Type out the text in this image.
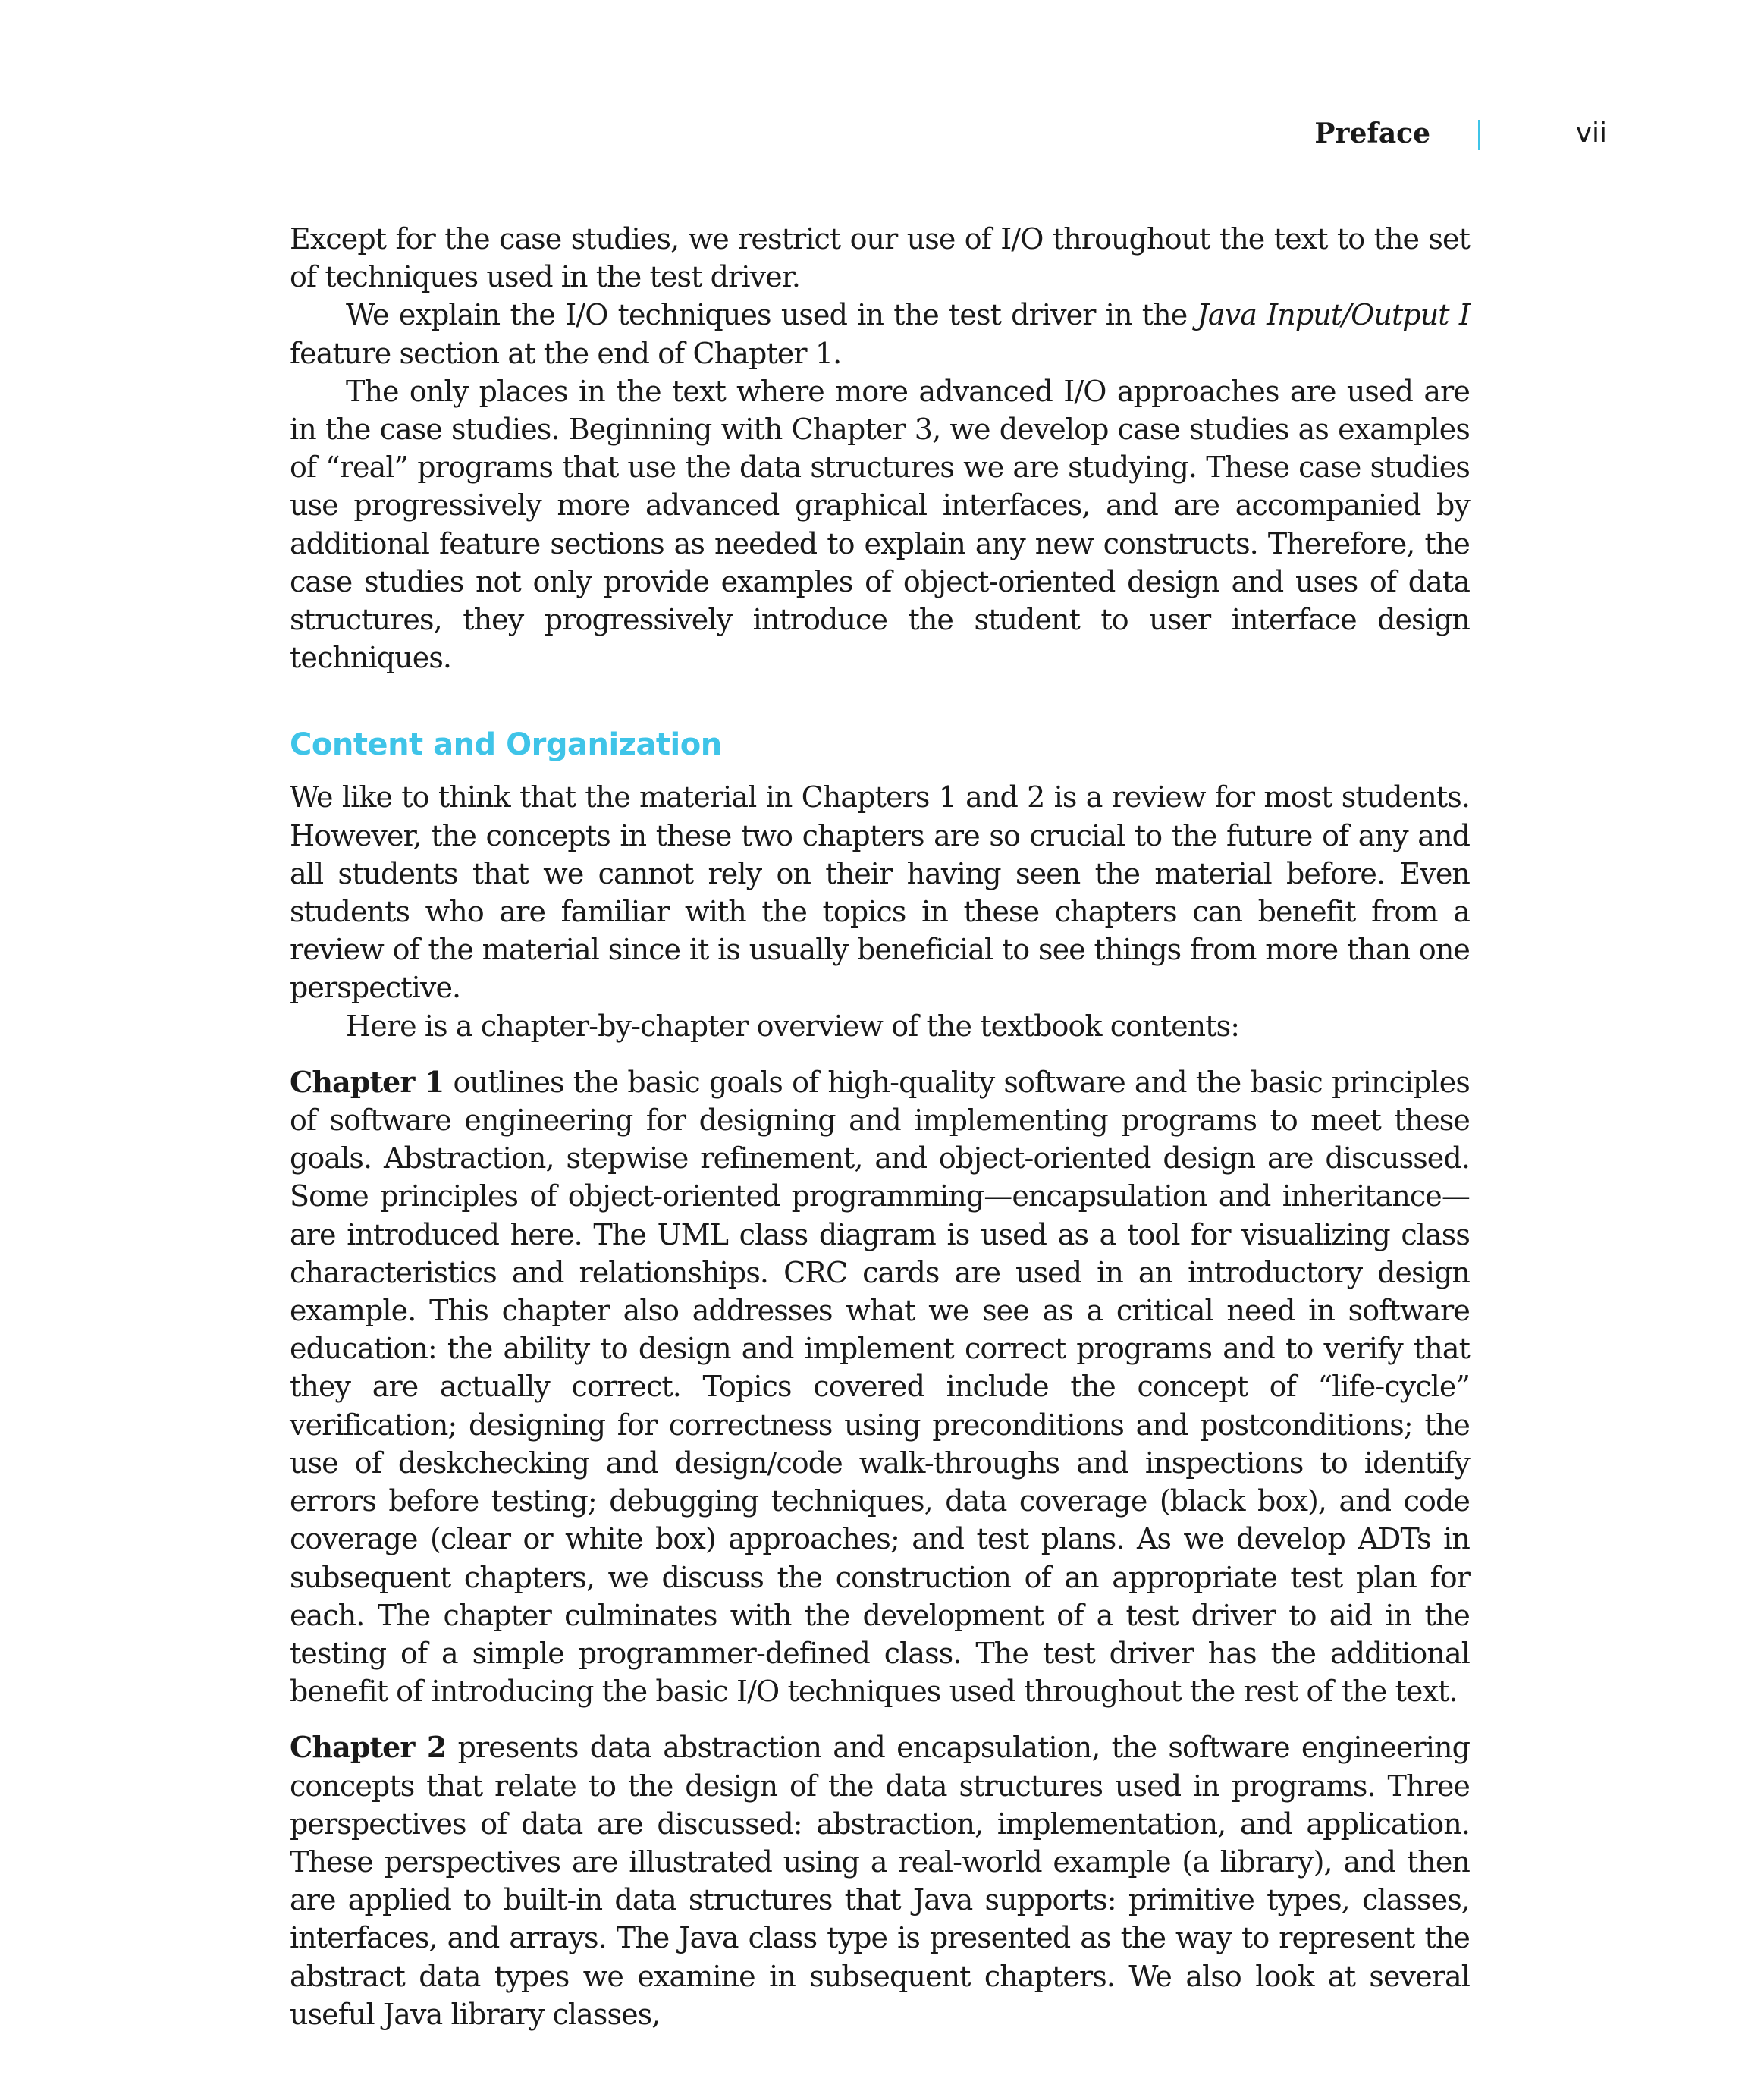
Preface	vii

Except for the case studies, we restrict our use of I/O throughout the text to the set of techniques used in the test driver.

We explain the I/O techniques used in the test driver in the Java Input/Output I feature section at the end of Chapter 1.

The only places in the text where more advanced I/O approaches are used are in the case studies. Beginning with Chapter 3, we develop case studies as examples of “real” programs that use the data structures we are studying. These case studies use progressively more advanced graphical interfaces, and are accompanied by additional feature sections as needed to explain any new constructs. Therefore, the case studies not only provide examples of object-oriented design and uses of data structures, they progressively introduce the student to user interface design techniques.

Content and Organization

We like to think that the material in Chapters 1 and 2 is a review for most students. However, the concepts in these two chapters are so crucial to the future of any and all students that we cannot rely on their having seen the material before. Even students who are familiar with the topics in these chapters can benefit from a review of the material since it is usually beneficial to see things from more than one perspective.

Here is a chapter-by-chapter overview of the textbook contents:

Chapter 1 outlines the basic goals of high-quality software and the basic principles of software engineering for designing and implementing programs to meet these goals. Abstraction, stepwise refinement, and object-oriented design are discussed. Some principles of object-oriented programming—encapsulation and inheritance—are introduced here. The UML class diagram is used as a tool for visualizing class characteristics and relationships. CRC cards are used in an introductory design example. This chapter also addresses what we see as a critical need in software education: the ability to design and implement correct programs and to verify that they are actually correct. Topics covered include the concept of “life-cycle” verification; designing for correctness using preconditions and postconditions; the use of deskchecking and design/code walk-throughs and inspections to identify errors before testing; debugging techniques, data coverage (black box), and code coverage (clear or white box) approaches; and test plans. As we develop ADTs in subsequent chapters, we discuss the construction of an appropriate test plan for each. The chapter culminates with the development of a test driver to aid in the testing of a simple programmer-defined class. The test driver has the additional benefit of introducing the basic I/O techniques used throughout the rest of the text.

Chapter 2 presents data abstraction and encapsulation, the software engineering concepts that relate to the design of the data structures used in programs. Three perspectives of data are discussed: abstraction, implementation, and application. These perspectives are illustrated using a real-world example (a library), and then are applied to built-in data structures that Java supports: primitive types, classes, interfaces, and arrays. The Java class type is presented as the way to represent the abstract data types we examine in subsequent chapters. We also look at several useful Java library classes,
